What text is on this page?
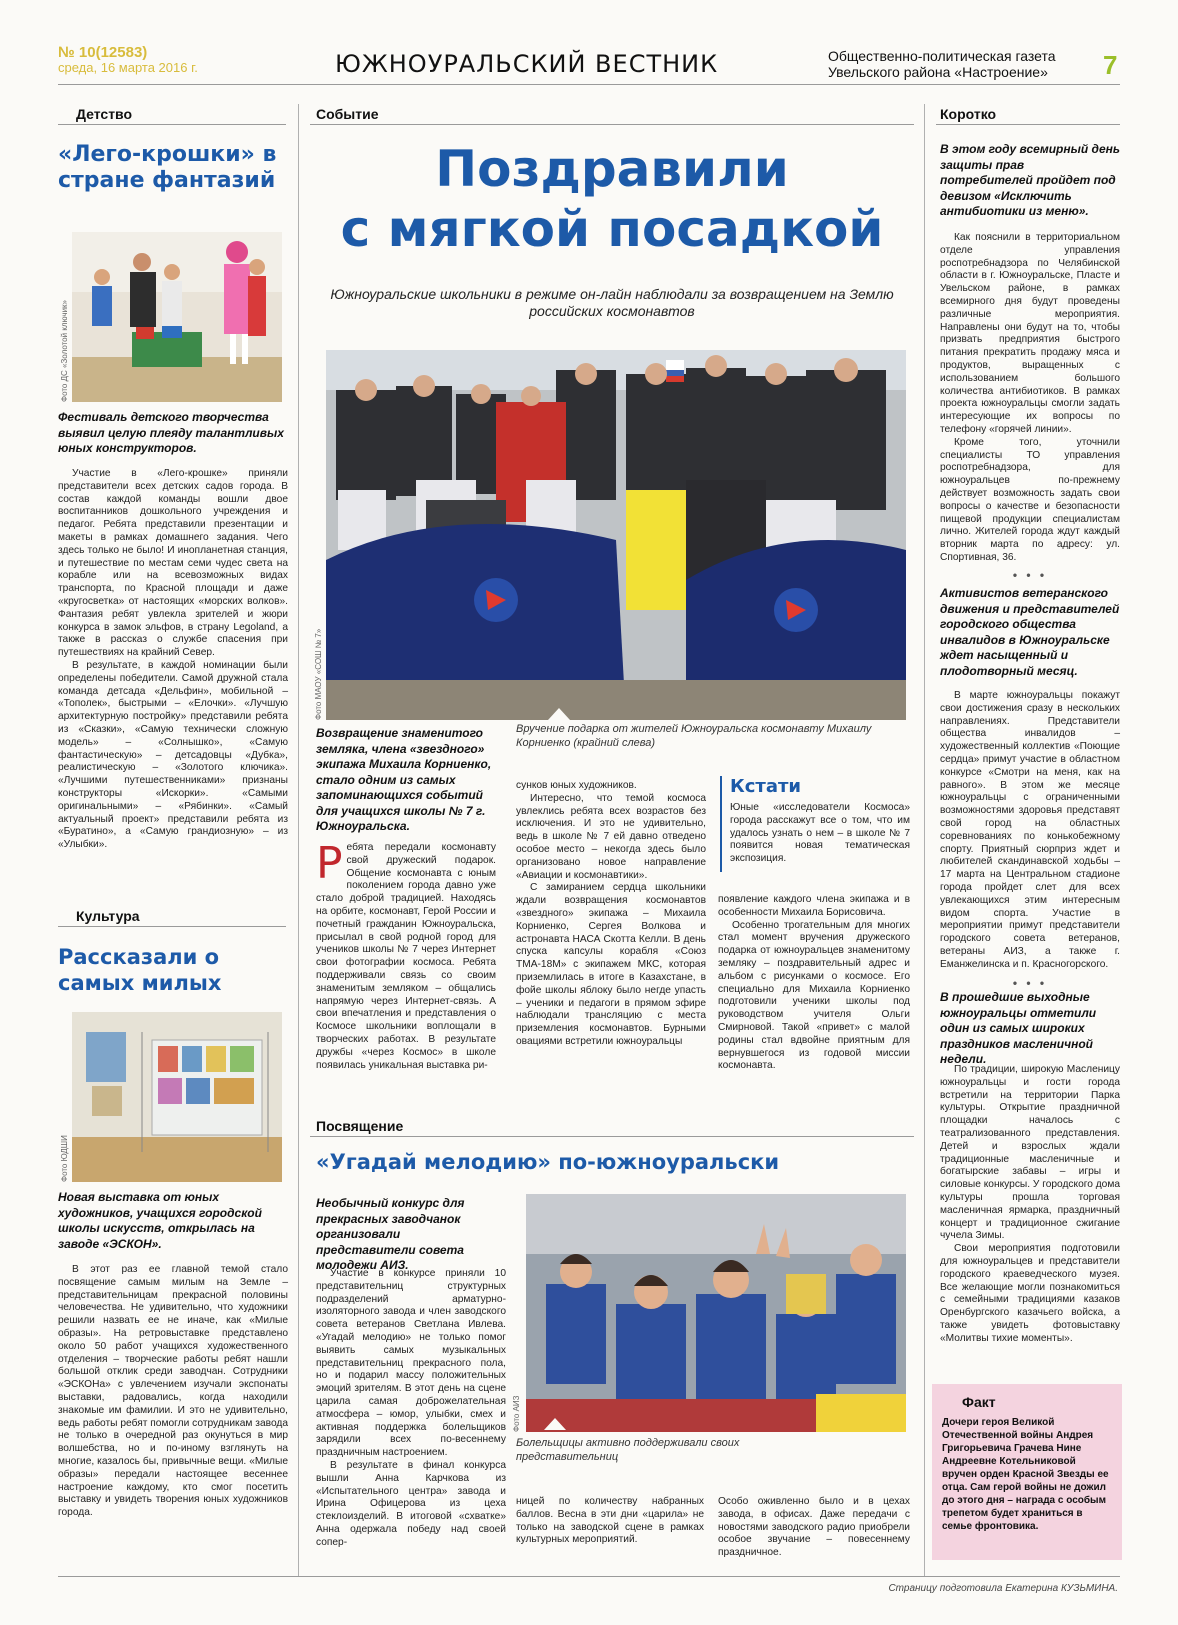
№ 10(12583)
среда, 16 марта 2016 г.	ЮЖНОУРАЛЬСКИЙ ВЕСТНИК	Общественно-политическая газета
Увельского района «Настроение» 7
Детство
«Лего-крошки» в стране фантазий
Фото ДС «Золотой ключик»
Фестиваль детского творчества выявил целую плеяду талантливых юных конструкторов.

Участие в «Лего-крошке» приняли представители всех детских садов города. В состав каждой команды вошли двое воспитанников дошкольного учреждения и педагог. Ребята представили презентации и макеты в рамках домашнего задания. Чего здесь только не было! И инопланетная станция, и путешествие по местам семи чудес света на корабле или на всевозможных видах транспорта, по Красной площади и даже «кругосветка» от настоящих «морских волков». Фантазия ребят увлекла зрителей и жюри конкурса в замок эльфов, в страну Legoland, а также в рассказ о службе спасения при путешествиях на крайний Север.

В результате, в каждой номинации были определены победители. Самой дружной стала команда детсада «Дельфин», мобильной – «Тополек», быстрыми – «Елочки». «Лучшую архитектурную постройку» представили ребята из «Сказки», «Самую технически сложную модель» – «Солнышко», «Самую фантастическую» – детсадовцы «Дубка», реалистическую – «Золотого ключика». «Лучшими путешественниками» признаны конструкторы «Искорки». «Самыми оригинальными» – «Рябинки». «Самый актуальный проект» представили ребята из «Буратино», а «Самую грандиозную» – из «Улыбки».

Культура
Рассказали о самых милых
Фото ЮДШИ
Новая выставка от юных художников, учащихся городской школы искусств, открылась на заводе «ЭСКОН».

В этот раз ее главной темой стало посвящение самым милым на Земле – представительницам прекрасной половины человечества. Не удивительно, что художники решили назвать ее не иначе, как «Милые образы». На ретровыставке представлено около 50 работ учащихся художественного отделения – творческие работы ребят нашли большой отклик среди заводчан. Сотрудники «ЭСКОНа» с увлечением изучали экспонаты выставки, радовались, когда находили знакомые им фамилии. И это не удивительно, ведь работы ребят помогли сотрудникам завода не только в очередной раз окунуться в мир волшебства, но и по-иному взглянуть на многие, казалось бы, привычные вещи. «Милые образы» передали настоящее весеннее настроение каждому, кто смог посетить выставку и увидеть творения юных художников города.

Событие
Поздравили
с мягкой посадкой
Южноуральские школьники в режиме он-лайн наблюдали за возвращением на Землю российских космонавтов
Фото МАОУ «СОШ № 7»
Вручение подарка от жителей Южноуральска космонавту Михаилу Корниенко (крайний слева)
Возвращение знаменитого земляка, члена «звездного» экипажа Михаила Корниенко, стало одним из самых запоминающихся событий для учащихся школы № 7 г. Южноуральска.
Р ебята передали космонавту свой дружеский подарок. Общение космонавта с юным поколением города давно уже стало доброй традицией. Находясь на орбите, космонавт, Герой России и почетный гражданин Южноуральска, присылал в свой родной город для учеников школы № 7 через Интернет свои фотографии космоса. Ребята поддерживали связь со своим знаменитым земляком – общались напрямую через Интернет-связь. А свои впечатления и представления о Космосе школьники воплощали в творческих работах. В результате дружбы «через Космос» в школе появилась уникальная выставка ри-
сунков юных художников.

Интересно, что темой космоса увлеклись ребята всех возрастов без исключения. И это не удивительно, ведь в школе № 7 ей давно отведено особое место – некогда здесь было организовано новое направление «Авиации и космонавтики».

С замиранием сердца школьники ждали возвращения космонавтов «звездного» экипажа – Михаила Корниенко, Сергея Волкова и астронавта НАСА Скотта Келли. В день спуска капсулы корабля «Союз ТМА-18М» с экипажем МКС, которая приземлилась в итоге в Казахстане, в фойе школы яблоку было негде упасть – ученики и педагоги в прямом эфире наблюдали трансляцию с места приземления космонавтов. Бурными овациями встретили южноуральцы

Кстати
Юные «исследователи Космоса» города расскажут все о том, что им удалось узнать о нем – в школе № 7 появится новая тематическая экспозиция.
появление каждого члена экипажа и в особенности Михаила Борисовича.

Особенно трогательным для многих стал момент вручения дружеского подарка от южноуральцев знаменитому земляку – поздравительный адрес и альбом с рисунками о космосе. Его специально для Михаила Корниенко подготовили ученики школы под руководством учителя Ольги Смирновой. Такой «привет» с малой родины стал вдвойне приятным для вернувшегося из годовой миссии космонавта.

Посвящение
«Угадай мелодию» по-южноуральски
Необычный конкурс для прекрасных заводчанок организовали представители совета молодежи АИЗ.

Участие в конкурсе приняли 10 представительниц структурных подразделений арматурно-изоляторного завода и член заводского совета ветеранов Светлана Ивлева. «Угадай мелодию» не только помог выявить самых музыкальных представительниц прекрасного пола, но и подарил массу положительных эмоций зрителям. В этот день на сцене царила самая доброжелательная атмосфера – юмор, улыбки, смех и активная поддержка болельщиков зарядили всех по-весеннему праздничным настроением.

В результате в финал конкурса вышли Анна Карчкова из «Испытательного центра» завода и Ирина Офицерова из цеха стеклоизделий. В итоговой «схватке» Анна одержала победу над своей сопер-

Фото АИЗ
Болельщицы активно поддерживали своих представительниц
ницей по количеству набранных баллов. Весна в эти дни «царила» не только на заводской сцене в рамках культурных мероприятий.
Особо оживленно было и в цехах завода, в офисах. Даже передачи с новостями заводского радио приобрели особое звучание – повесеннему праздничное.
Коротко
В этом году всемирный день защиты прав потребителей пройдет под девизом «Исключить антибиотики из меню».

Как пояснили в территориальном отделе управления роспотребнадзора по Челябинской области в г. Южноуральске, Пласте и Увельском районе, в рамках всемирного дня будут проведены различные мероприятия. Направлены они будут на то, чтобы призвать предприятия быстрого питания прекратить продажу мяса и продуктов, выращенных с использованием большого количества антибиотиков. В рамках проекта южноуральцы смогли задать интересующие их вопросы по телефону «горячей линии».

Кроме того, уточнили специалисты ТО управления роспотребнадзора, для южноуральцев по-прежнему действует возможность задать свои вопросы о качестве и безопасности пищевой продукции специалистам лично. Жителей города ждут каждый вторник марта по адресу: ул. Спортивная, 36.

• • •
Активистов ветеранского движения и представителей городского общества инвалидов в Южноуральске ждет насыщенный и плодотворный месяц.

В марте южноуральцы покажут свои достижения сразу в нескольких направлениях. Представители общества инвалидов – художественный коллектив «Поющие сердца» примут участие в областном конкурсе «Смотри на меня, как на равного». В этом же месяце южноуральцы с ограниченными возможностями здоровья представят свой город на областных соревнованиях по конькобежному спорту. Приятный сюрприз ждет и любителей скандинавской ходьбы – 17 марта на Центральном стадионе города пройдет слет для всех увлекающихся этим интересным видом спорта. Участие в мероприятии примут представители городского совета ветеранов, ветераны АИЗ, а также г. Еманжелинска и п. Красногорского.

• • •
В прошедшие выходные южноуральцы отметили один из самых широких праздников масленичной недели.

По традиции, широкую Масленицу южноуральцы и гости города встретили на территории Парка культуры. Открытие праздничной площадки началось с театрализованного представления. Детей и взрослых ждали традиционные масленичные и богатырские забавы – игры и силовые конкурсы. У городского дома культуры прошла торговая масленичная ярмарка, праздничный концерт и традиционное сжигание чучела Зимы.

Свои мероприятия подготовили для южноуральцев и представители городского краеведческого музея. Все желающие могли познакомиться с семейными традициями казаков Оренбургского казачьего войска, а также увидеть фотовыставку «Молитвы тихие моменты».

Факт
Дочери героя Великой Отечественной войны Андрея Григорьевича Грачева Нине Андреевне Котельниковой вручен орден Красной Звезды ее отца. Сам герой войны не дожил до этого дня – награда с особым трепетом будет храниться в семье фронтовика.
Страницу подготовила Екатерина КУЗЬМИНА.
